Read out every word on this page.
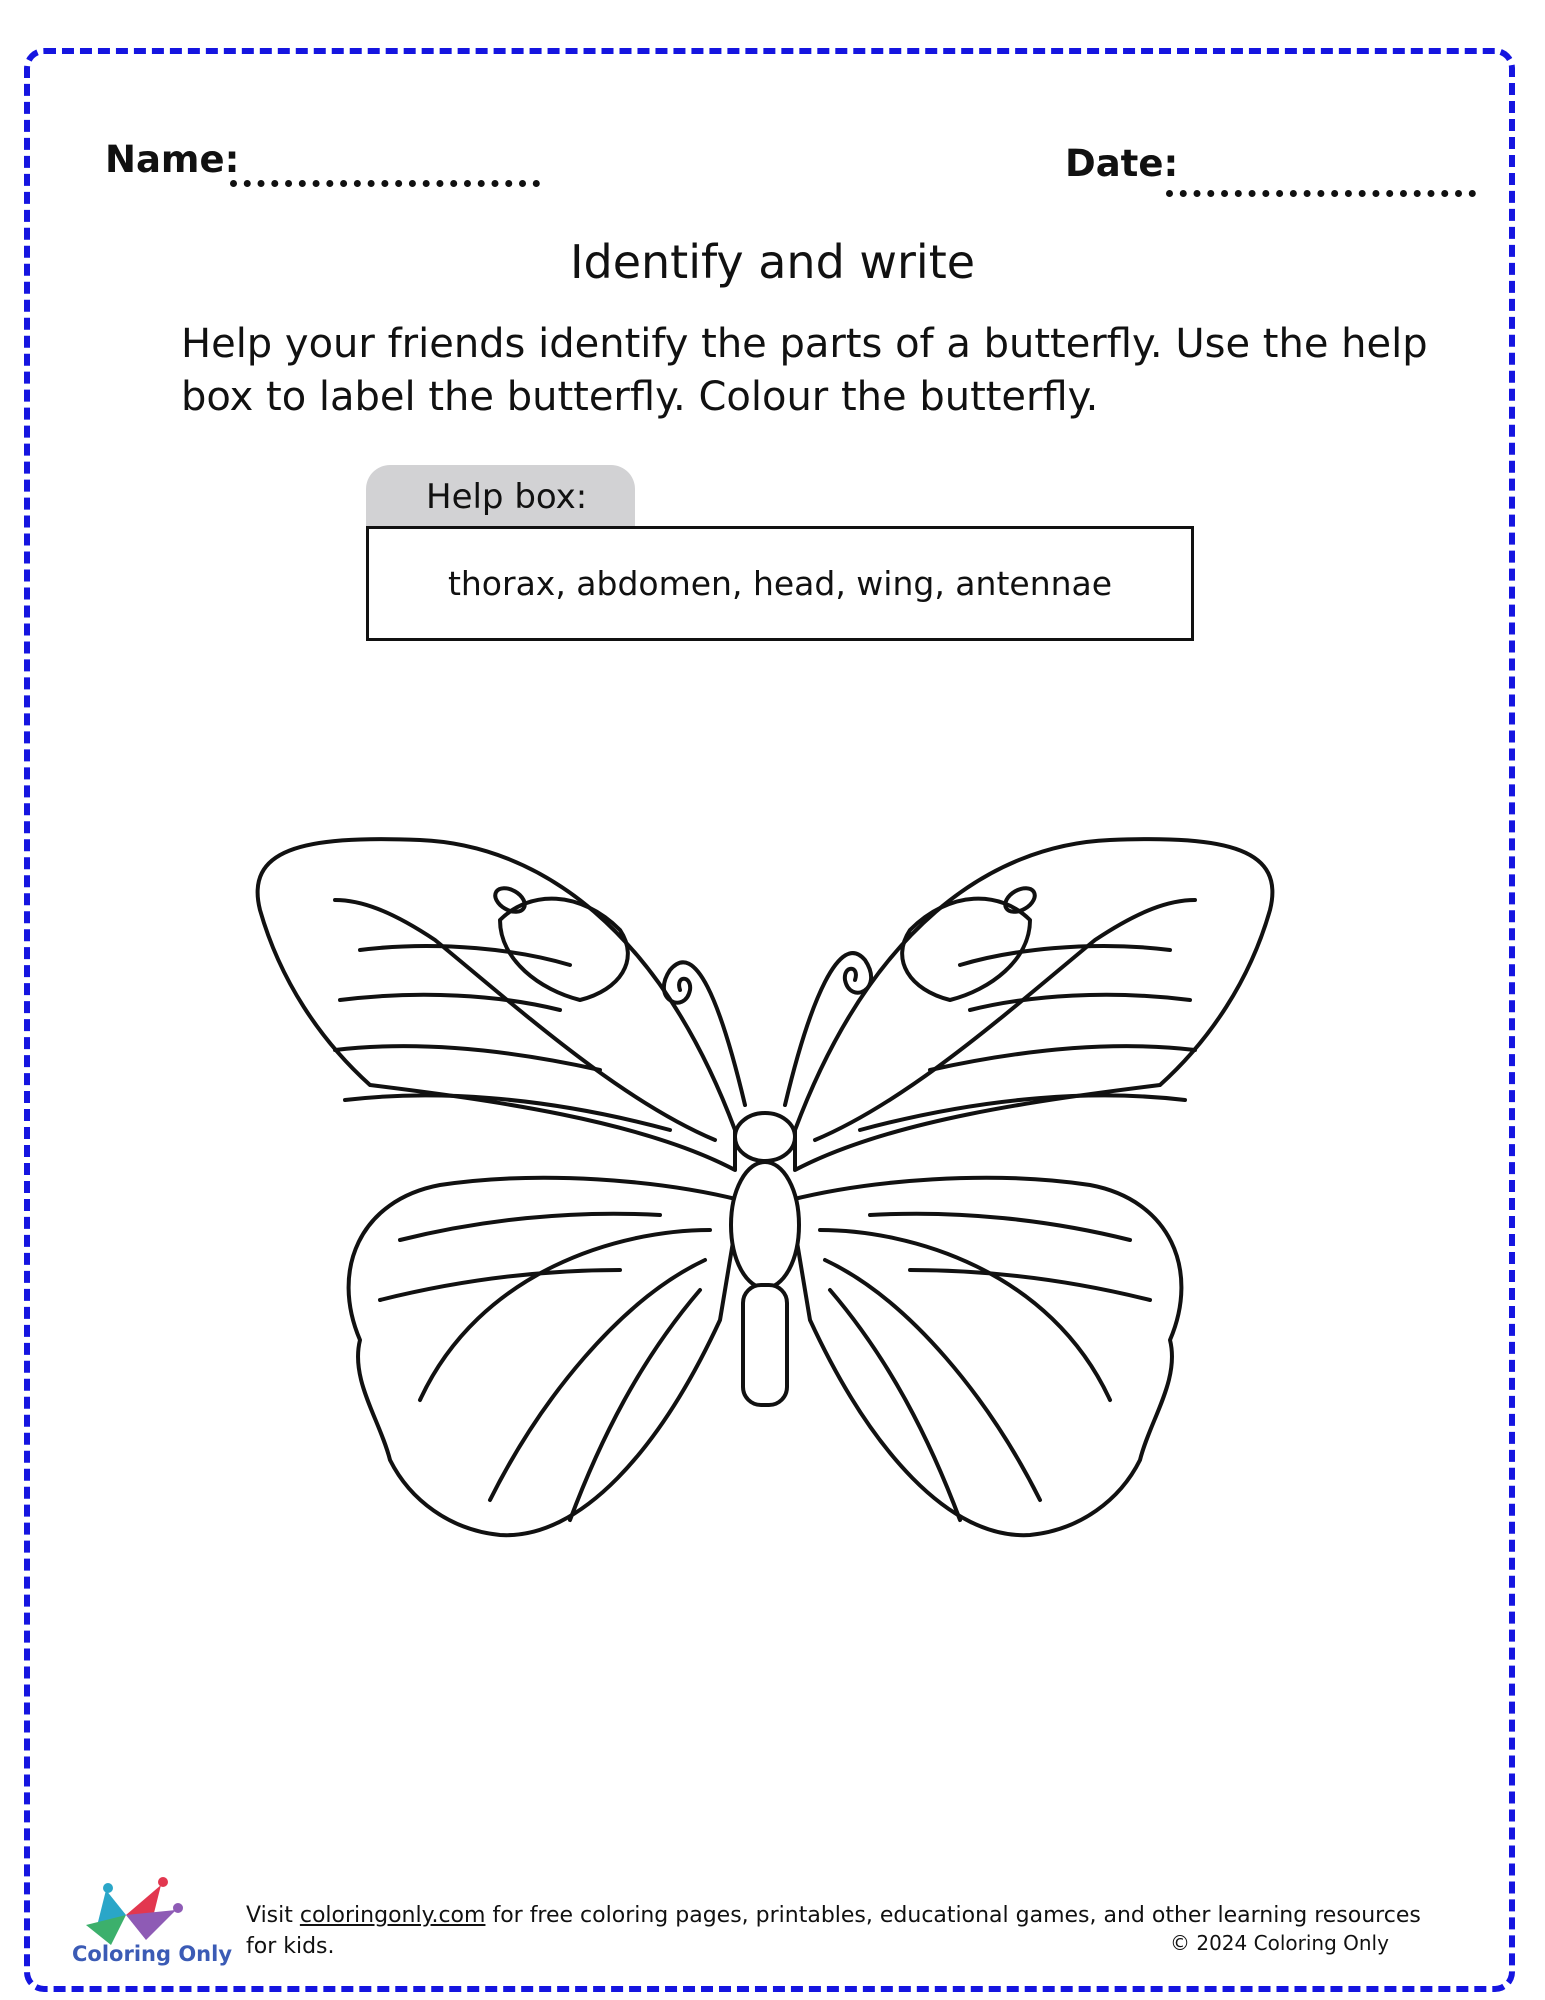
Name:	Date:
Identify and write
Help your friends identify the parts of a butterfly. Use the help box to label the butterfly. Colour the butterfly.
Help box:
thorax, abdomen, head, wing, antennae
Coloring Only
Visit coloringonly.com for free coloring pages, printables, educational games, and other learning resources for kids.	© 2024 Coloring Only
